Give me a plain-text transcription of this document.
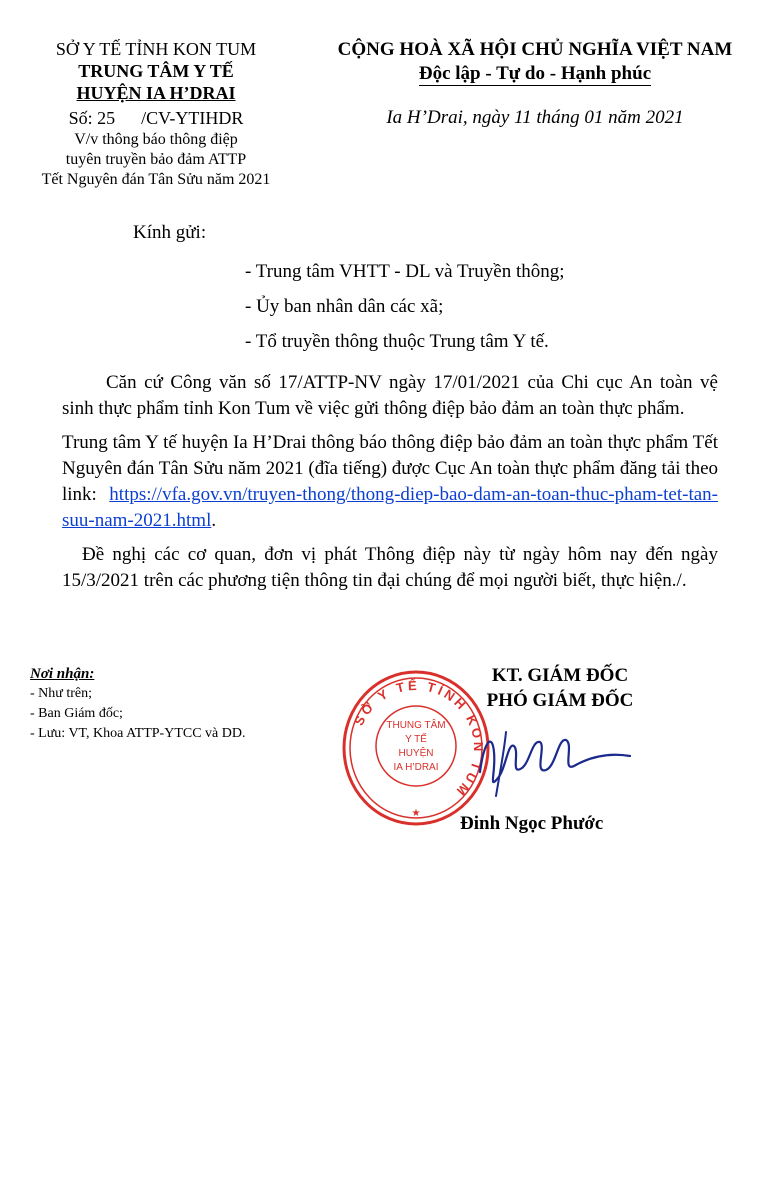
SỞ Y TẾ TỈNH KON TUM
TRUNG TÂM Y TẾ
HUYỆN IA H’DRAI
Số: 25 /CV-YTIHDR
V/v thông báo thông điệp
tuyên truyền bảo đảm ATTP
Tết Nguyên đán Tân Sửu năm 2021
CỘNG HOÀ XÃ HỘI CHỦ NGHĨA VIỆT NAM
Độc lập - Tự do - Hạnh phúc
Ia H’Drai, ngày 11 tháng 01 năm 2021
Kính gửi:
- Trung tâm VHTT - DL và Truyền thông;
- Ủy ban nhân dân các xã;
- Tổ truyền thông thuộc Trung tâm Y tế.

Căn cứ Công văn số 17/ATTP-NV ngày 17/01/2021 của Chi cục An toàn vệ sinh thực phẩm tỉnh Kon Tum về việc gửi thông điệp bảo đảm an toàn thực phẩm.

Trung tâm Y tế huyện Ia H’Drai thông báo thông điệp bảo đảm an toàn thực phẩm Tết Nguyên đán Tân Sửu năm 2021 (đĩa tiếng) được Cục An toàn thực phẩm đăng tải theo link: https://vfa.gov.vn/truyen-thong/thong-diep-bao-dam-an-toan-thuc-pham-tet-tan-suu-nam-2021.html.

Đề nghị các cơ quan, đơn vị phát Thông điệp này từ ngày hôm nay đến ngày 15/3/2021 trên các phương tiện thông tin đại chúng để mọi người biết, thực hiện./.

Nơi nhận:
- Như trên;
- Ban Giám đốc;
- Lưu: VT, Khoa ATTP-YTCC và DD.
SỞ Y TẾ TỈNH KON TUM
THUNG TÂM
Y TẾ
HUYỆN
IA H’DRAI
★
KT. GIÁM ĐỐC
PHÓ GIÁM ĐỐC
Đinh Ngọc Phước
